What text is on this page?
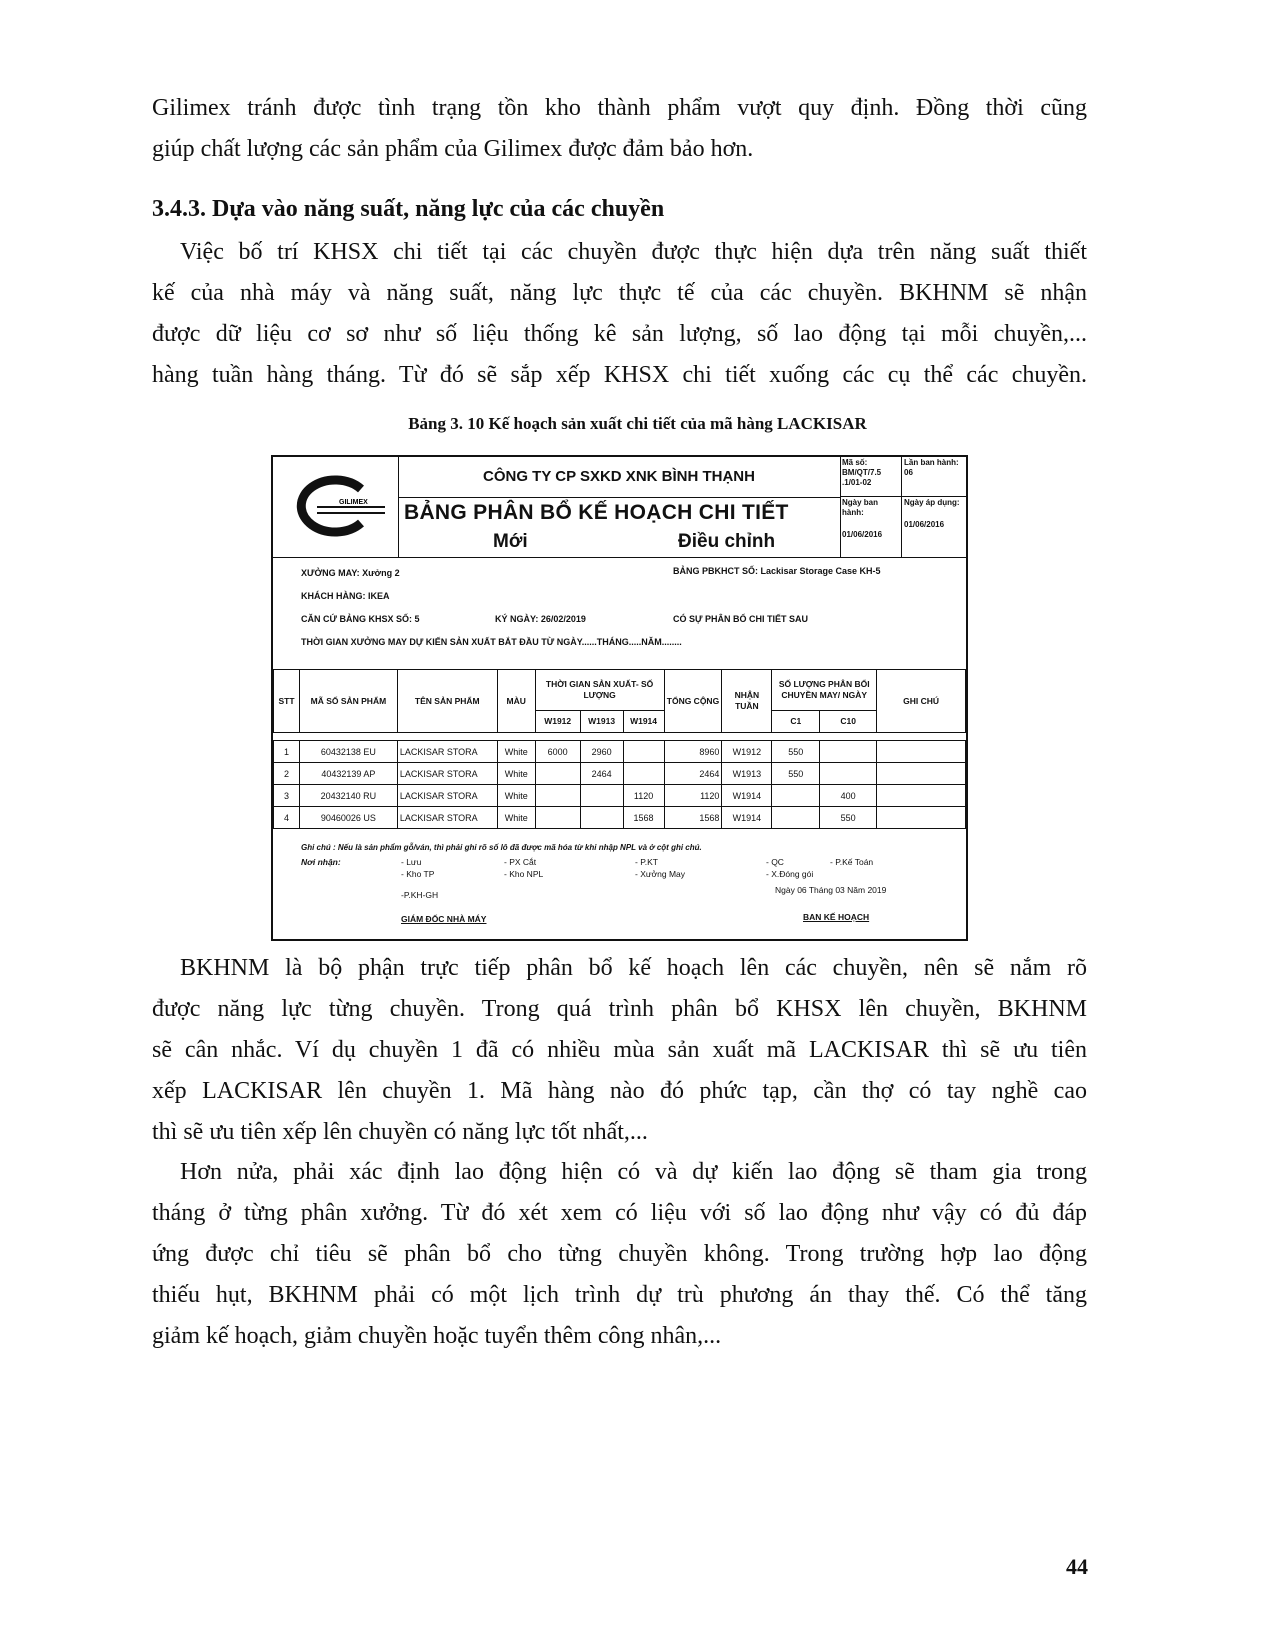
Gilimex tránh được tình trạng tồn kho thành phẩm vượt quy định. Đồng thời cũng
giúp chất lượng các sản phẩm của Gilimex được đảm bảo hơn.
3.4.3. Dựa vào năng suất, năng lực của các chuyền
Việc bố trí KHSX chi tiết tại các chuyền được thực hiện dựa trên năng suất thiết
kế của nhà máy và năng suất, năng lực thực tế của các chuyền. BKHNM sẽ nhận
được dữ liệu cơ sơ như số liệu thống kê sản lượng, số lao động tại mỗi chuyền,...
hàng tuần hàng tháng. Từ đó sẽ sắp xếp KHSX chi tiết xuống các cụ thể các chuyền.

Bảng 3. 10 Kế hoạch sản xuất chi tiết của mã hàng LACKISAR

GILIMEX
CÔNG TY CP SXKD XNK BÌNH THẠNH
BẢNG PHÂN BỔ KẾ HOẠCH CHI TIẾT
Mới	Điều chỉnh
Mã số:
BM/QT/7.5 .1/01-02
Lần ban hành: 06
Ngày ban hành:
01/06/2016
Ngày áp dụng:
01/06/2016
XƯỞNG MAY: Xưởng 2	BẢNG PBKHCT SỐ: Lackisar Storage Case KH-5
KHÁCH HÀNG: IKEA
CĂN CỨ BẢNG KHSX SỐ: 5	KÝ NGÀY: 26/02/2019	CÓ SỰ PHÂN BỔ CHI TIẾT SAU
THỜI GIAN XƯỞNG MAY DỰ KIẾN SẢN XUẤT BẮT ĐẦU TỪ NGÀY......THÁNG.....NĂM........
STT	MÃ SỐ SẢN PHẨM	TÊN SẢN PHẨM	MÀU	THỜI GIAN SẢN XUẤT- SỐ LƯỢNG			TỔNG CỘNG	NHẬN TUẦN	SỐ LƯỢNG PHÂN BỔI CHUYỀN MAY/ NGÀY		GHI CHÚ
				W1912	W1913	W1914			C1	C10	

1	60432138 EU	LACKISAR STORA	White	6000	2960		8960	W1912	550		
2	40432139 AP	LACKISAR STORA	White		2464		2464	W1913	550		
3	20432140 RU	LACKISAR STORA	White			1120	1120	W1914		400	
4	90460026 US	LACKISAR STORA	White			1568	1568	W1914		550	
Ghi chú : Nếu là sản phẩm gỗ/ván, thì phải ghi rõ số lô đã được mã hóa từ khi nhập NPL và ở cột ghi chú.
Nơi nhận:	- Lưu	- PX Cắt	- P.KT	- QC	- P.Kế Toán
- Kho TP	- Kho NPL	- Xưởng May	- X.Đóng gói
-P.KH-GH	Ngày 06 Tháng 03 Năm 2019
GIÁM ĐỐC NHÀ MÁY	BAN KẾ HOẠCH
BKHNM là bộ phận trực tiếp phân bổ kế hoạch lên các chuyền, nên sẽ nắm rõ
được năng lực từng chuyền. Trong quá trình phân bổ KHSX lên chuyền, BKHNM
sẽ cân nhắc. Ví dụ chuyền 1 đã có nhiều mùa sản xuất mã LACKISAR thì sẽ ưu tiên
xếp LACKISAR lên chuyền 1. Mã hàng nào đó phức tạp, cần thợ có tay nghề cao
thì sẽ ưu tiên xếp lên chuyền có năng lực tốt nhất,...
Hơn nửa, phải xác định lao động hiện có và dự kiến lao động sẽ tham gia trong
tháng ở từng phân xưởng. Từ đó xét xem có liệu với số lao động như vậy có đủ đáp
ứng được chỉ tiêu sẽ phân bổ cho từng chuyền không. Trong trường hợp lao động
thiếu hụt, BKHNM phải có một lịch trình dự trù phương án thay thế. Có thể tăng
giảm kế hoạch, giảm chuyền hoặc tuyển thêm công nhân,...
44
